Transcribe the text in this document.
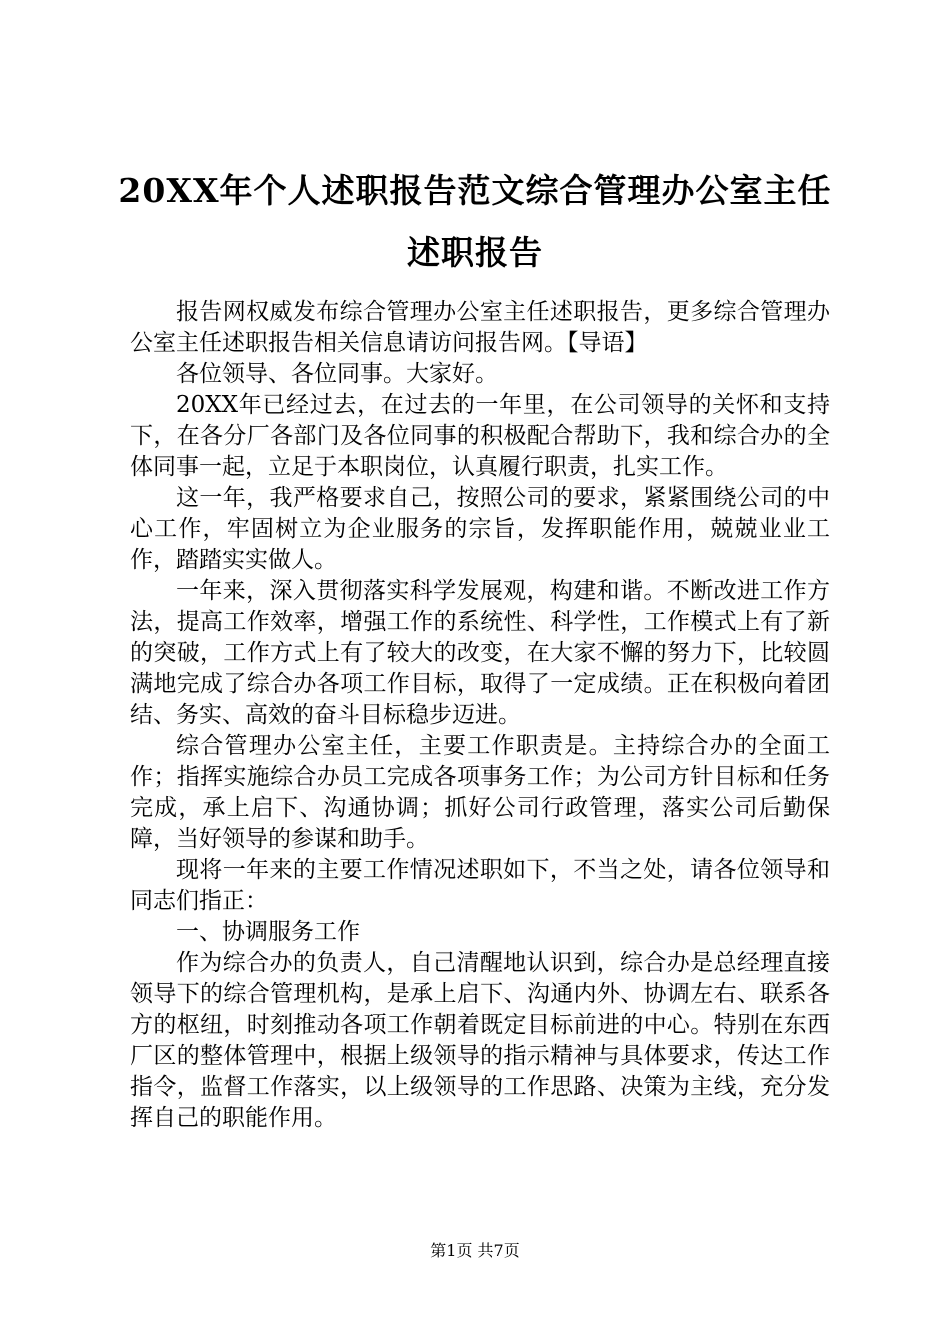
20XX年个人述职报告范文综合管理办公室主任述职报告

报告网权威发布综合管理办公室主任述职报告，更多综合管理办公室主任述职报告相关信息请访问报告网。【导语】

各位领导、各位同事。大家好。

20XX年已经过去，在过去的一年里，在公司领导的关怀和支持下，在各分厂各部门及各位同事的积极配合帮助下，我和综合办的全体同事一起，立足于本职岗位，认真履行职责，扎实工作。

这一年，我严格要求自己，按照公司的要求，紧紧围绕公司的中心工作，牢固树立为企业服务的宗旨，发挥职能作用，兢兢业业工作，踏踏实实做人。

一年来，深入贯彻落实科学发展观，构建和谐。不断改进工作方法，提高工作效率，增强工作的系统性、科学性，工作模式上有了新的突破，工作方式上有了较大的改变，在大家不懈的努力下，比较圆满地完成了综合办各项工作目标，取得了一定成绩。正在积极向着团结、务实、高效的奋斗目标稳步迈进。

综合管理办公室主任，主要工作职责是。主持综合办的全面工作；指挥实施综合办员工完成各项事务工作；为公司方针目标和任务完成，承上启下、沟通协调；抓好公司行政管理，落实公司后勤保障，当好领导的参谋和助手。

现将一年来的主要工作情况述职如下，不当之处，请各位领导和同志们指正：

一、协调服务工作

作为综合办的负责人，自己清醒地认识到，综合办是总经理直接领导下的综合管理机构，是承上启下、沟通内外、协调左右、联系各方的枢纽，时刻推动各项工作朝着既定目标前进的中心。特别在东西厂区的整体管理中，根据上级领导的指示精神与具体要求，传达工作指令，监督工作落实，以上级领导的工作思路、决策为主线，充分发挥自己的职能作用。

第1页 共7页
